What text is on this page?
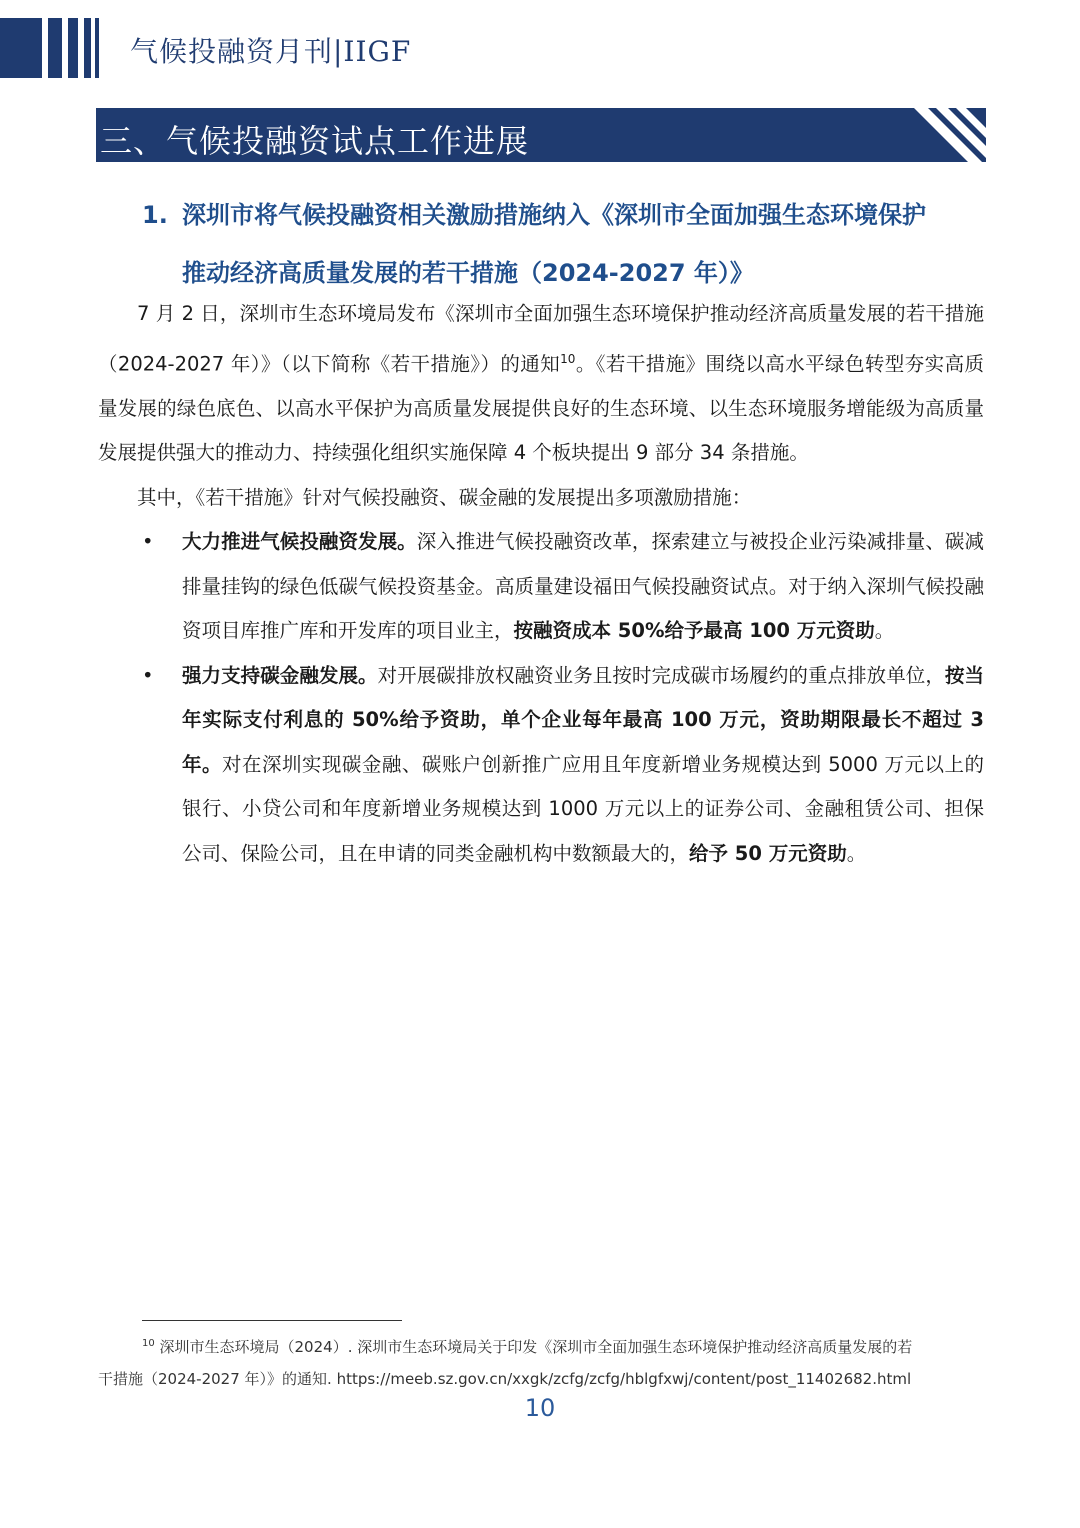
气候投融资月刊|IIGF
三、气候投融资试点工作进展
1. 深圳市将气候投融资相关激励措施纳入《深圳市全面加强生态环境保护
推动经济高质量发展的若干措施（2024-2027 年）》

7 月 2 日，深圳市生态环境局发布《深圳市全面加强生态环境保护推动经济高质量发展的若干措施（2024-2027 年）》（以下简称《若干措施》）的通知$^{10}$。《若干措施》围绕以高水平绿色转型夯实高质量发展的绿色底色、以高水平保护为高质量发展提供良好的生态环境、以生态环境服务增能级为高质量发展提供强大的推动力、持续强化组织实施保障 4 个板块提出 9 部分 34 条措施。

其中，《若干措施》针对气候投融资、碳金融的发展提出多项激励措施：

• 大力推进气候投融资发展。深入推进气候投融资改革，探索建立与被投企业污染减排量、碳减排量挂钩的绿色低碳气候投资基金。高质量建设福田气候投融资试点。对于纳入深圳气候投融资项目库推广库和开发库的项目业主，按融资成本 50%给予最高 100 万元资助。
• 强力支持碳金融发展。对开展碳排放权融资业务且按时完成碳市场履约的重点排放单位，按当年实际支付利息的 50%给予资助，单个企业每年最高 100 万元，资助期限最长不超过 3 年。对在深圳实现碳金融、碳账户创新推广应用且年度新增业务规模达到 5000 万元以上的银行、小贷公司和年度新增业务规模达到 1000 万元以上的证券公司、金融租赁公司、担保公司、保险公司，且在申请的同类金融机构中数额最大的，给予 50 万元资助。
$^{10}$ 深圳市生态环境局（2024）. 深圳市生态环境局关于印发《深圳市全面加强生态环境保护推动经济高质量发展的若
干措施（2024-2027 年）》的通知. https://meeb.sz.gov.cn/xxgk/zcfg/zcfg/hblgfxwj/content/post_11402682.html
10
